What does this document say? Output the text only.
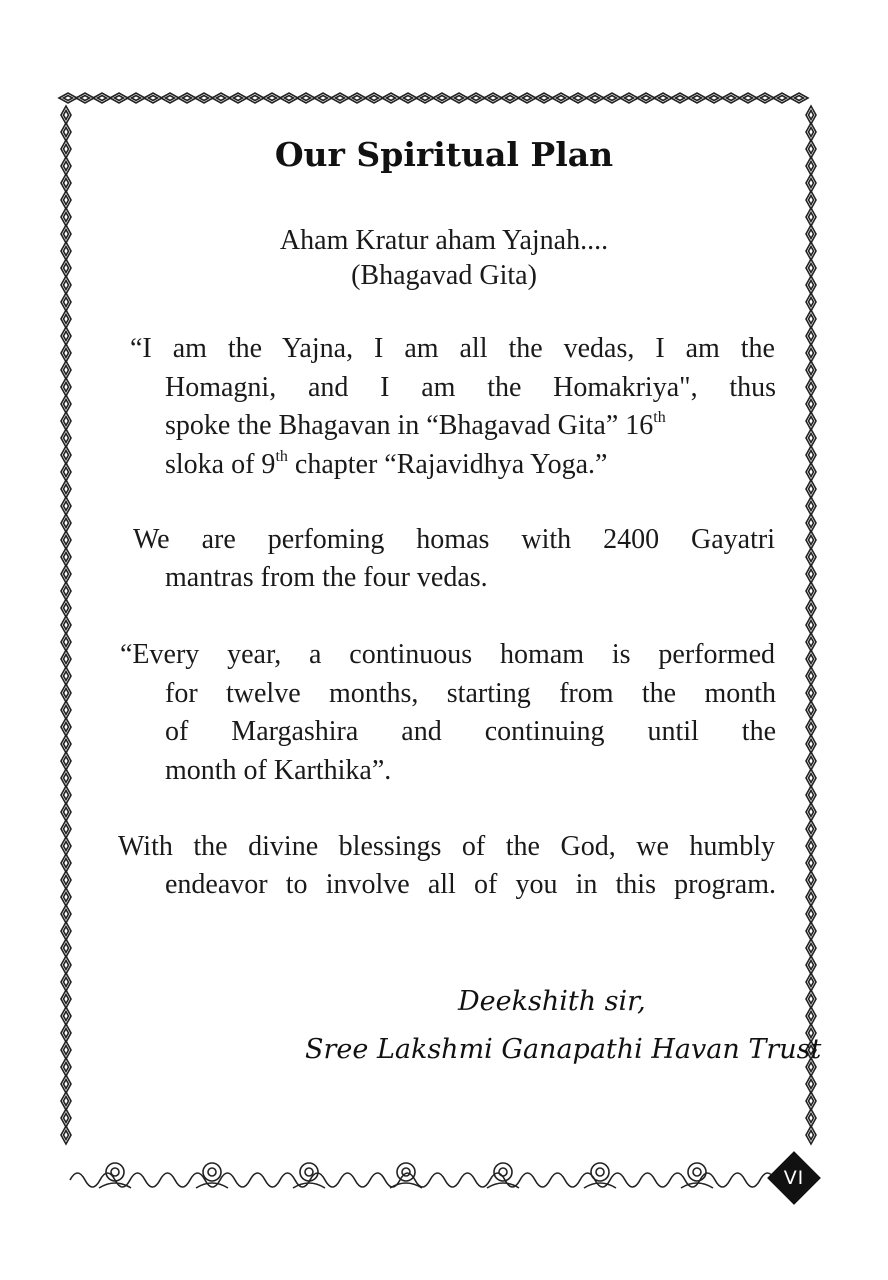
Our Spiritual Plan
Aham Kratur aham Yajnah....
(Bhagavad Gita)
“I am the Yajna, I am all the vedas, I am the
Homagni, and I am the Homakriya", thus
spoke the Bhagavan in “Bhagavad Gita” 16th
sloka of 9th chapter “Rajavidhya Yoga.”
We are perfoming homas with 2400 Gayatri
mantras from the four vedas.
“Every year, a continuous homam is performed
for twelve months, starting from the month
of Margashira and continuing until the
month of Karthika”.
With the divine blessings of the God, we humbly
endeavor to involve all of you in this program.
Deekshith sir,
Sree Lakshmi Ganapathi Havan Trust
VI
